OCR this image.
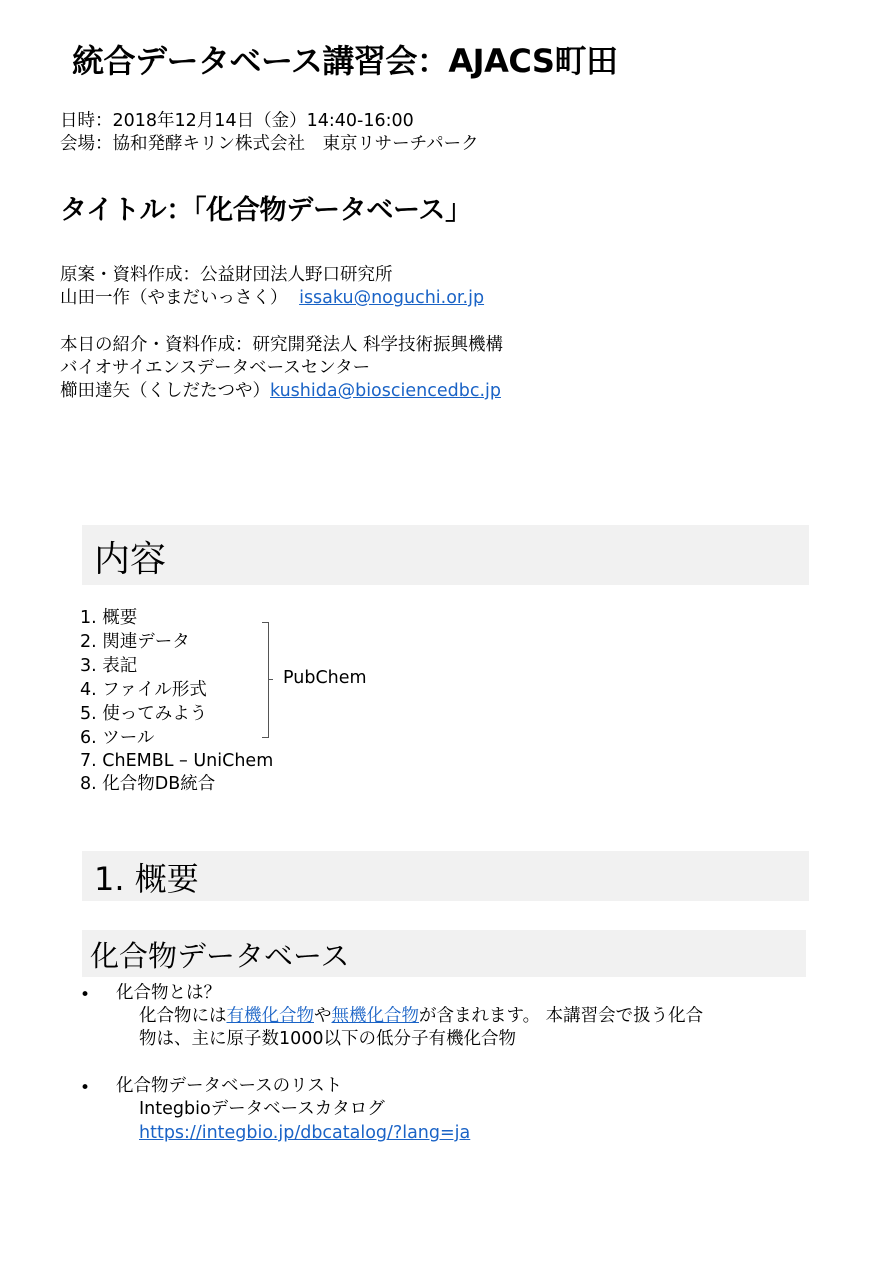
統合データベース講習会：AJACS町田
日時：2018年12月14日（金）14:40-16:00
会場：協和発酵キリン株式会社　東京リサーチパーク
タイトル：「化合物データベース」
原案・資料作成：公益財団法人野口研究所
山田一作（やまだいっさく） issaku@noguchi.or.jp
本日の紹介・資料作成：研究開発法人 科学技術振興機構
バイオサイエンスデータベースセンター
櫛田達矢（くしだたつや）kushida@biosciencedbc.jp
内容
1. 概要
2. 関連データ
3. 表記
4. ファイル形式
5. 使ってみよう
6. ツール
7. ChEMBL – UniChem
8. 化合物DB統合
PubChem
1. 概要
化合物データベース
• 化合物とは？
化合物には有機化合物や無機化合物が含まれます。 本講習会で扱う化合
物は、主に原子数1000以下の低分子有機化合物
• 化合物データベースのリスト
Integbioデータベースカタログ
https://integbio.jp/dbcatalog/?lang=ja
